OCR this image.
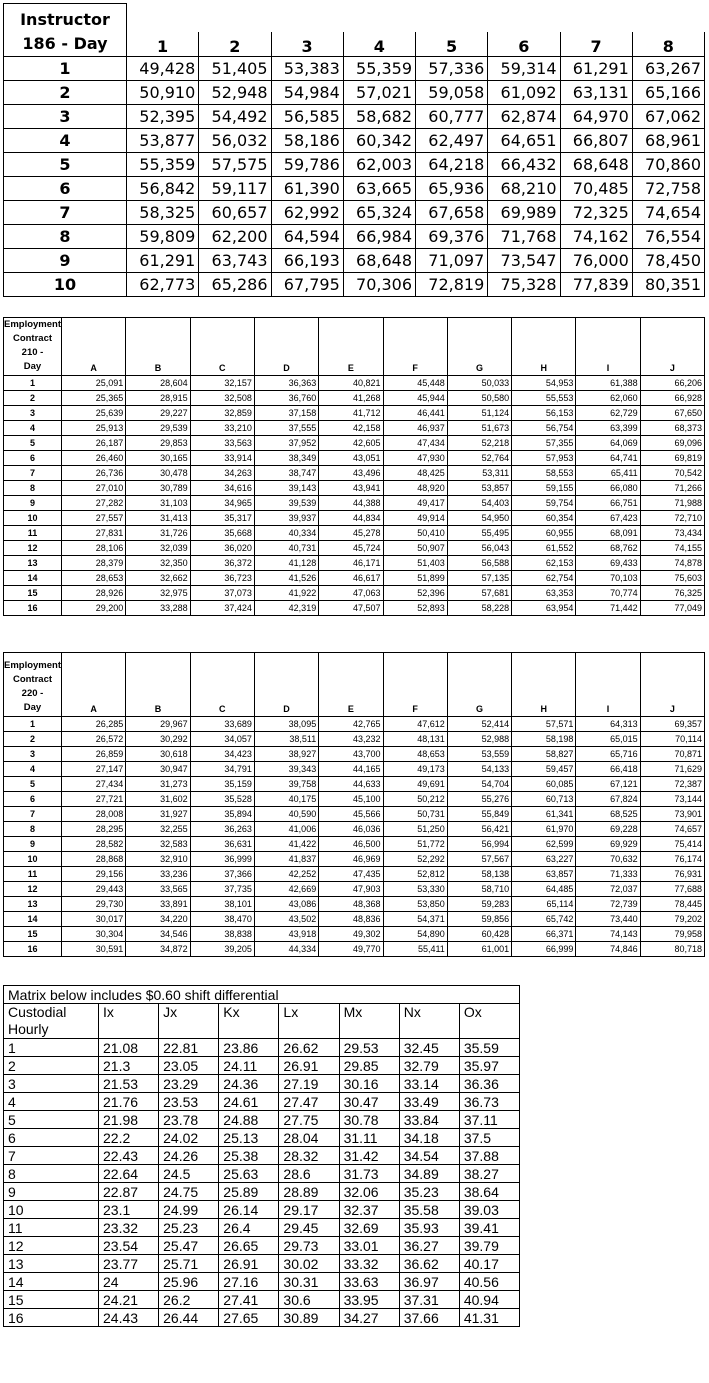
Instructor
186 - Day								
	1	2	3	4	5	6	7	8
1	49,428	51,405	53,383	55,359	57,336	59,314	61,291	63,267
2	50,910	52,948	54,984	57,021	59,058	61,092	63,131	65,166
3	52,395	54,492	56,585	58,682	60,777	62,874	64,970	67,062
4	53,877	56,032	58,186	60,342	62,497	64,651	66,807	68,961
5	55,359	57,575	59,786	62,003	64,218	66,432	68,648	70,860
6	56,842	59,117	61,390	63,665	65,936	68,210	70,485	72,758
7	58,325	60,657	62,992	65,324	67,658	69,989	72,325	74,654
8	59,809	62,200	64,594	66,984	69,376	71,768	74,162	76,554
9	61,291	63,743	66,193	68,648	71,097	73,547	76,000	78,450
10	62,773	65,286	67,795	70,306	72,819	75,328	77,839	80,351
Employment
Contract 210 -
Day	A	B	C	D	E	F	G	H	I	J
1	25,091	28,604	32,157	36,363	40,821	45,448	50,033	54,953	61,388	66,206
2	25,365	28,915	32,508	36,760	41,268	45,944	50,580	55,553	62,060	66,928
3	25,639	29,227	32,859	37,158	41,712	46,441	51,124	56,153	62,729	67,650
4	25,913	29,539	33,210	37,555	42,158	46,937	51,673	56,754	63,399	68,373
5	26,187	29,853	33,563	37,952	42,605	47,434	52,218	57,355	64,069	69,096
6	26,460	30,165	33,914	38,349	43,051	47,930	52,764	57,953	64,741	69,819
7	26,736	30,478	34,263	38,747	43,496	48,425	53,311	58,553	65,411	70,542
8	27,010	30,789	34,616	39,143	43,941	48,920	53,857	59,155	66,080	71,266
9	27,282	31,103	34,965	39,539	44,388	49,417	54,403	59,754	66,751	71,988
10	27,557	31,413	35,317	39,937	44,834	49,914	54,950	60,354	67,423	72,710
11	27,831	31,726	35,668	40,334	45,278	50,410	55,495	60,955	68,091	73,434
12	28,106	32,039	36,020	40,731	45,724	50,907	56,043	61,552	68,762	74,155
13	28,379	32,350	36,372	41,128	46,171	51,403	56,588	62,153	69,433	74,878
14	28,653	32,662	36,723	41,526	46,617	51,899	57,135	62,754	70,103	75,603
15	28,926	32,975	37,073	41,922	47,063	52,396	57,681	63,353	70,774	76,325
16	29,200	33,288	37,424	42,319	47,507	52,893	58,228	63,954	71,442	77,049
Employment
Contract 220 -
Day	A	B	C	D	E	F	G	H	I	J
1	26,285	29,967	33,689	38,095	42,765	47,612	52,414	57,571	64,313	69,357
2	26,572	30,292	34,057	38,511	43,232	48,131	52,988	58,198	65,015	70,114
3	26,859	30,618	34,423	38,927	43,700	48,653	53,559	58,827	65,716	70,871
4	27,147	30,947	34,791	39,343	44,165	49,173	54,133	59,457	66,418	71,629
5	27,434	31,273	35,159	39,758	44,633	49,691	54,704	60,085	67,121	72,387
6	27,721	31,602	35,528	40,175	45,100	50,212	55,276	60,713	67,824	73,144
7	28,008	31,927	35,894	40,590	45,566	50,731	55,849	61,341	68,525	73,901
8	28,295	32,255	36,263	41,006	46,036	51,250	56,421	61,970	69,228	74,657
9	28,582	32,583	36,631	41,422	46,500	51,772	56,994	62,599	69,929	75,414
10	28,868	32,910	36,999	41,837	46,969	52,292	57,567	63,227	70,632	76,174
11	29,156	33,236	37,366	42,252	47,435	52,812	58,138	63,857	71,333	76,931
12	29,443	33,565	37,735	42,669	47,903	53,330	58,710	64,485	72,037	77,688
13	29,730	33,891	38,101	43,086	48,368	53,850	59,283	65,114	72,739	78,445
14	30,017	34,220	38,470	43,502	48,836	54,371	59,856	65,742	73,440	79,202
15	30,304	34,546	38,838	43,918	49,302	54,890	60,428	66,371	74,143	79,958
16	30,591	34,872	39,205	44,334	49,770	55,411	61,001	66,999	74,846	80,718
Matrix below includes $0.60 shift differential							
Custodial
Hourly	Ix	Jx	Kx	Lx	Mx	Nx	Ox
1	21.08	22.81	23.86	26.62	29.53	32.45	35.59
2	21.3	23.05	24.11	26.91	29.85	32.79	35.97
3	21.53	23.29	24.36	27.19	30.16	33.14	36.36
4	21.76	23.53	24.61	27.47	30.47	33.49	36.73
5	21.98	23.78	24.88	27.75	30.78	33.84	37.11
6	22.2	24.02	25.13	28.04	31.11	34.18	37.5
7	22.43	24.26	25.38	28.32	31.42	34.54	37.88
8	22.64	24.5	25.63	28.6	31.73	34.89	38.27
9	22.87	24.75	25.89	28.89	32.06	35.23	38.64
10	23.1	24.99	26.14	29.17	32.37	35.58	39.03
11	23.32	25.23	26.4	29.45	32.69	35.93	39.41
12	23.54	25.47	26.65	29.73	33.01	36.27	39.79
13	23.77	25.71	26.91	30.02	33.32	36.62	40.17
14	24	25.96	27.16	30.31	33.63	36.97	40.56
15	24.21	26.2	27.41	30.6	33.95	37.31	40.94
16	24.43	26.44	27.65	30.89	34.27	37.66	41.31
